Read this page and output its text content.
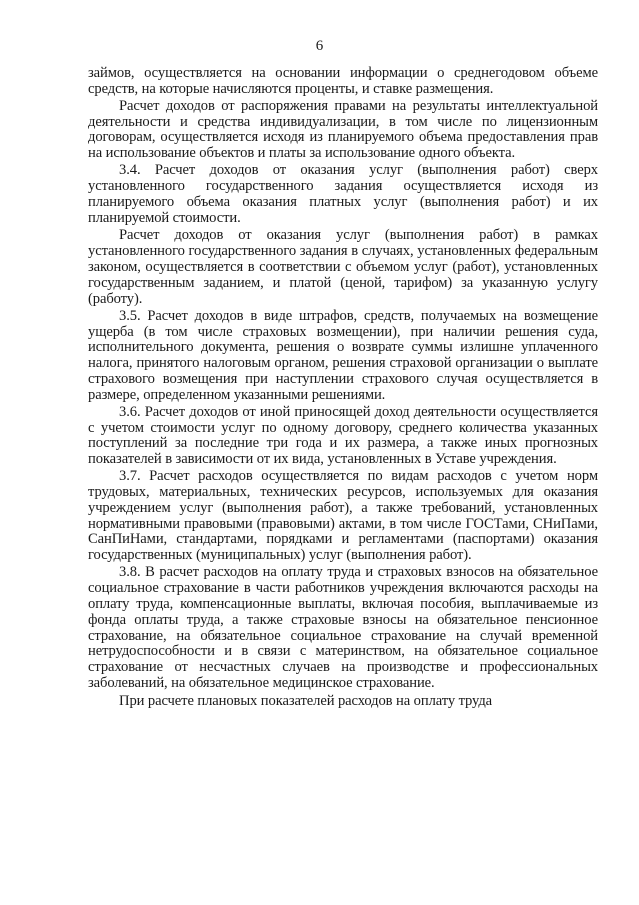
6

займов, осуществляется на основании информации о среднегодовом объеме средств, на которые начисляются проценты, и ставке размещения.

Расчет доходов от распоряжения правами на результаты интеллектуальной деятельности и средства индивидуализации, в том числе по лицензионным договорам, осуществляется исходя из планируемого объема предоставления прав на использование объектов и платы за использование одного объекта.

3.4. Расчет доходов от оказания услуг (выполнения работ) сверх установленного государственного задания осуществляется исходя из планируемого объема оказания платных услуг (выполнения работ) и их планируемой стоимости.

Расчет доходов от оказания услуг (выполнения работ) в рамках установленного государственного задания в случаях, установленных федеральным законом, осуществляется в соответствии с объемом услуг (работ), установленных государственным заданием, и платой (ценой, тарифом) за указанную услугу (работу).

3.5. Расчет доходов в виде штрафов, средств, получаемых на возмещение ущерба (в том числе страховых возмещении), при наличии решения суда, исполнительного документа, решения о возврате суммы излишне уплаченного налога, принятого налоговым органом, решения страховой организации о выплате страхового возмещения при наступлении страхового случая осуществляется в размере, определенном указанными решениями.

3.6. Расчет доходов от иной приносящей доход деятельности осуществляется с учетом стоимости услуг по одному договору, среднего количества указанных поступлений за последние три года и их размера, а также иных прогнозных показателей в зависимости от их вида, установленных в Уставе учреждения.

3.7. Расчет расходов осуществляется по видам расходов с учетом норм трудовых, материальных, технических ресурсов, используемых для оказания учреждением услуг (выполнения работ), а также требований, установленных нормативными правовыми (правовыми) актами, в том числе ГОСТами, СНиПами, СанПиНами, стандартами, порядками и регламентами (паспортами) оказания государственных (муниципальных) услуг (выполнения работ).

3.8. В расчет расходов на оплату труда и страховых взносов на обязательное социальное страхование в части работников учреждения включаются расходы на оплату труда, компенсационные выплаты, включая пособия, выплачиваемые из фонда оплаты труда, а также страховые взносы на обязательное пенсионное страхование, на обязательное социальное страхование на случай временной нетрудоспособности и в связи с материнством, на обязательное социальное страхование от несчастных случаев на производстве и профессиональных заболеваний, на обязательное медицинское страхование.

При расчете плановых показателей расходов на оплату труда
